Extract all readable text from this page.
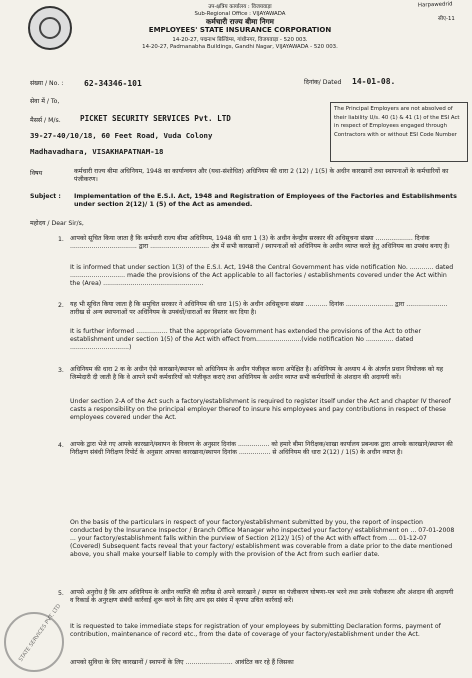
उप-क्षत्रिय कार्यालय : विजयवाड़ा
Sub-Regional Office : VIJAYAWADA
कर्मचारी राज्य बीमा निगम
EMPLOYEES' STATE INSURANCE CORPORATION
14-20-27, पद्मनाभ बिल्डिंग्स, गांधीनगर, विजयवाड़ा - 520 003.
14-20-27, Padmanabha Buildings, Gandhi Nagar, VIJAYAWADA - 520 003.
Harpawedrid
सीए-11
संख्या / No. :	62-34346-101	दिनांक/ Dated 14-01-08.
सेवा में / To,
The Principal Employers are not absolved of their liability U/s. 40 (1) & 41 (1) of the ESI Act in respect of Employees engaged through Contractors with or without ESI Code Number
मैसर्स / M/s.	PICKET SECURITY SERVICES Pvt. LTD
39-27-40/10/18, 60 Feet Road, Vuda Colony
Madhavadhara, VISAKHAPATNAM-18
विषय	कर्मचारी राज्य बीमा अधिनियम, 1948 का कार्यान्वयन और (यथा-संशोधित) अधिनियम की धारा 2 (12) / 1(5) के अधीन कारखानों तथा स्थापनाओं के कर्मचारियों का पंजीकरण।
Subject : Implementation of the E.S.I. Act, 1948 and Registration of Employees of the Factories and Establishments under section 2(12)/ 1 (5) of the Act as amended.
महोदय / Dear Sir/s,
1. आपको सूचित किया जाता है कि कर्मचारी राज्य बीमा अधिनियम, 1948 की धारा 1 (3) के अधीन केन्द्रीय सरकार की अधिसूचना संख्या ................... दिनांक .................................. द्वारा .............................. क्षेत्र में सभी कारखानों / स्थापनाओं को अधिनियम के अधीन व्याप्त करते हेतु अधिनियम का उपबंध बनाए हैं।
It is informed that under section 1(3) of the E.S.I. Act, 1948 the Central Government has vide notification No. ............ dated ............................ made the provisions of the Act applicable to all factories / establishments covered under the Act within the (Area) ...................................................
2. यह भी सूचित किया जाता है कि समुचित सरकार ने अधिनियम की धारा 1(5) के अधीन अधिसूचना संख्या ........... दिनांक ........................ द्वारा ..................... तारीख से अन्य स्थापनाओं पर अधिनियम के उपबंधों/धाराओं का विस्तार कर दिया है।
It is further informed ................ that the appropriate Government has extended the provisions of the Act to other establishment under section 1(5) of the Act with effect from.......................(vide notification No .............. dated ..............................)
3. अधिनियम की धारा 2 क के अधीन ऐसे कारखाने/स्थापन को अधिनियम के अधीन पंजीकृत करना अपेक्षित है। अधिनियम के अध्याय 4 के अंतर्गत प्रधान नियोजक को यह जिम्मेदारी दी जाती है कि वे आपने सभी कर्मचारियों को पंजीकृत कराएं तथा अधिनियम के अधीन व्याप्त सभी कर्मचारियों के अंशदान की अदायगी करें।
Under section 2-A of the Act such a factory/establishment is required to register itself under the Act and chapter IV thereof casts a responsibility on the principal employer thereof to insure his employees and pay contributions in respect of these employees covered under the Act.
4. आपके द्वारा भेजे गए आपके कारखाने/स्थापन के विवरण के अनुसार दिनांक ................ को हमारे बीमा निरीक्षक/शाखा कार्यालय प्रबन्धक द्वारा आपके कारखाने/स्थापन की निरीक्षण संबंधी निरीक्षण रिपोर्ट के अनुसार आपका कारखाना/स्थापन दिनांक ................ से अधिनियम की धारा 2(12) / 1(5) के अधीन व्याप्त है।
On the basis of the particulars in respect of your factory/establishment submitted by you, the report of inspection conducted by the Insurance Inspector / Branch Office Manager who inspected your factory/ establishment on ... 07-01-2008 ... your factory/establishment falls within the purview of Section 2(12)/ 1(5) of the Act with effect from .... 01-12-07 (Covered) Subsequent facts reveal that your factory/ establishment was coverable from a date prior to the date mentioned above, you shall make yourself liable to comply with the provision of the Act from such earlier date.
5. आपसे अनुरोध है कि आप अधिनियम के अधीन व्याप्ति की तारीख से अपने कारखाने / स्थापन का पंजीकरण घोषणा-पत्र भरने तथा उनके पंजीकरण और अंशदान की अदायगी व रिकार्ड के अनुरक्षण संबंधी कार्रवाई शुरू करने के लिए आप इस संबंध में कृपया उचित कार्रवाई करें।
It is requested to take immediate steps for registration of your employees by submitting Declaration forms, payment of contribution, maintenance of record etc., from the date of coverage of your factory/establishment under the Act.
आपको सुविधा के लिए कारखानों / स्थापनों के लिए ........................ आवंटित कर रहे हैं जिसका
STATE SERVICES PVT. LTD
